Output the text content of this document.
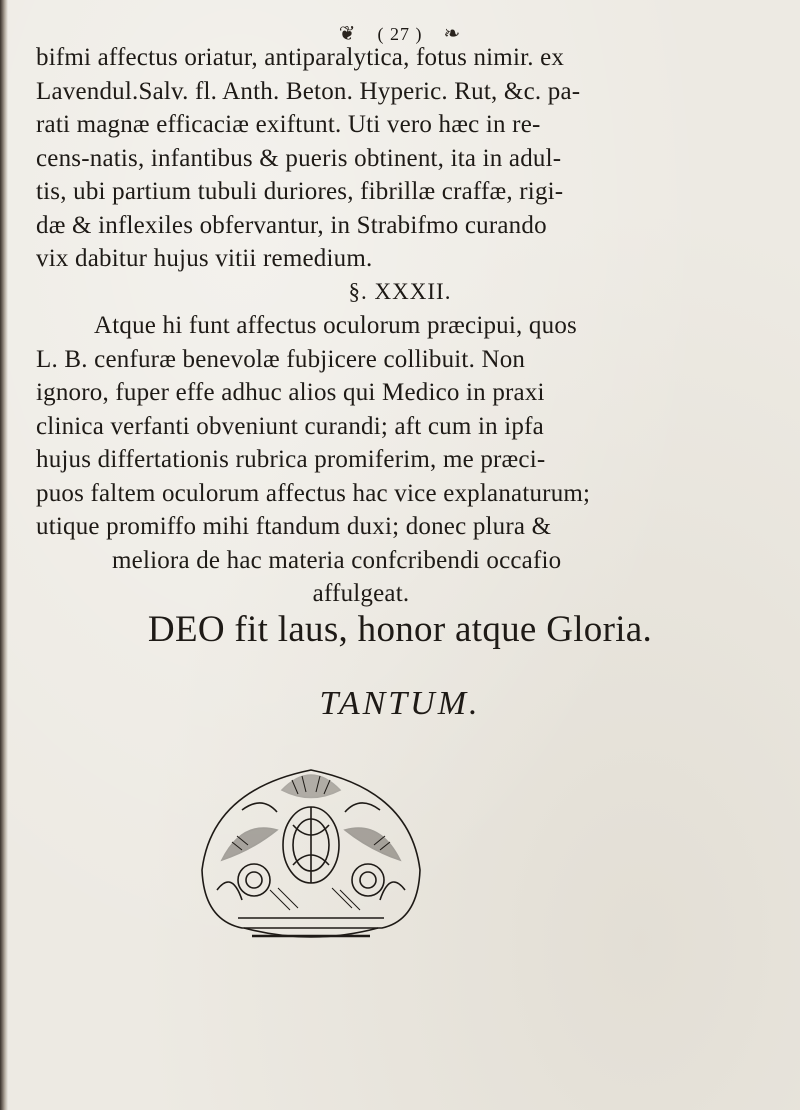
❦ ( 27 ) ❧
bifmi affectus oriatur, antiparalytica, fotus nimir. ex
Lavendul.Salv. fl. Anth. Beton. Hyperic. Rut, &c. pa-
rati magnæ efficaciæ exiftunt. Uti vero hæc in re-
cens-natis, infantibus & pueris obtinent, ita in adul-
tis, ubi partium tubuli duriores, fibrillæ craffæ, rigi-
dæ & inflexiles obfervantur, in Strabifmo curando
vix dabitur hujus vitii remedium.
§. XXXII.
Atque hi funt affectus oculorum præcipui, quos
L. B. cenfuræ benevolæ fubjicere collibuit. Non
ignoro, fuper effe adhuc alios qui Medico in praxi
clinica verfanti obveniunt curandi; aft cum in ipfa
hujus differtationis rubrica promiferim, me præci-
puos faltem oculorum affectus hac vice explanaturum;
utique promiffo mihi ftandum duxi; donec plura &
meliora de hac materia confcribendi occafio
affulgeat.
DEO fit laus, honor atque Gloria.
TANTUM.
